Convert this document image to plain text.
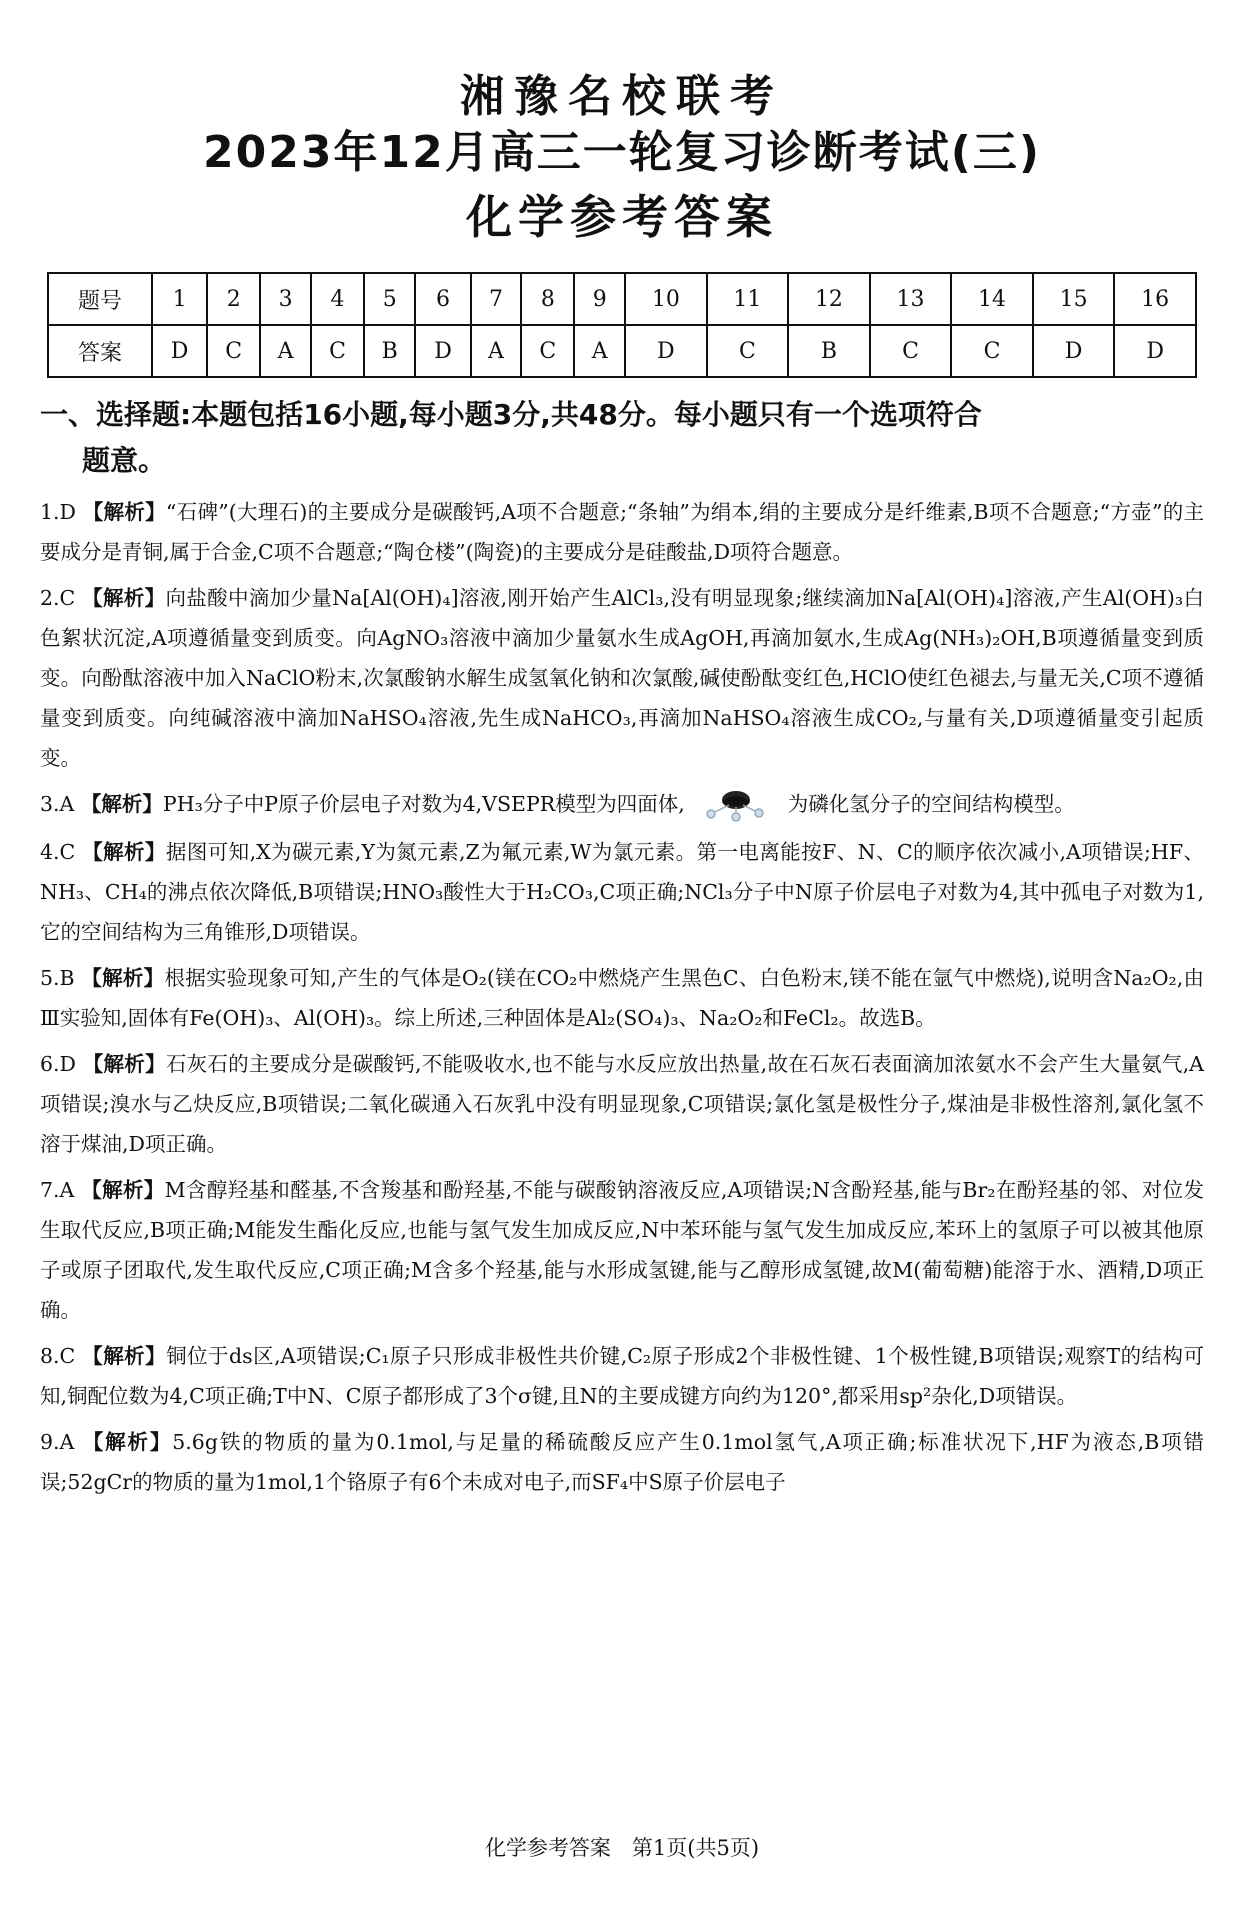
湘豫名校联考
2023年12月高三一轮复习诊断考试(三)
化学参考答案
题号	1	2	3	4	5	6	7	8	9	10	11	12	13	14	15	16
答案	D	C	A	C	B	D	A	C	A	D	C	B	C	C	D	D
一、选择题:本题包括16小题,每小题3分,共48分。每小题只有一个选项符合
题意。
1.D 【解析】“石碑”(大理石)的主要成分是碳酸钙,A项不合题意;“条轴”为绢本,绢的主要成分是纤维素,B项不合题意;“方壶”的主要成分是青铜,属于合金,C项不合题意;“陶仓楼”(陶瓷)的主要成分是硅酸盐,D项符合题意。
2.C 【解析】向盐酸中滴加少量Na[Al(OH)₄]溶液,刚开始产生AlCl₃,没有明显现象;继续滴加Na[Al(OH)₄]溶液,产生Al(OH)₃白色絮状沉淀,A项遵循量变到质变。向AgNO₃溶液中滴加少量氨水生成AgOH,再滴加氨水,生成Ag(NH₃)₂OH,B项遵循量变到质变。向酚酞溶液中加入NaClO粉末,次氯酸钠水解生成氢氧化钠和次氯酸,碱使酚酞变红色,HClO使红色褪去,与量无关,C项不遵循量变到质变。向纯碱溶液中滴加NaHSO₄溶液,先生成NaHCO₃,再滴加NaHSO₄溶液生成CO₂,与量有关,D项遵循量变引起质变。
3.A 【解析】PH₃分子中P原子价层电子对数为4,VSEPR模型为四面体,	为磷化氢分子的空间结构模型。
4.C 【解析】据图可知,X为碳元素,Y为氮元素,Z为氟元素,W为氯元素。第一电离能按F、N、C的顺序依次减小,A项错误;HF、NH₃、CH₄的沸点依次降低,B项错误;HNO₃酸性大于H₂CO₃,C项正确;NCl₃分子中N原子价层电子对数为4,其中孤电子对数为1,它的空间结构为三角锥形,D项错误。
5.B 【解析】根据实验现象可知,产生的气体是O₂(镁在CO₂中燃烧产生黑色C、白色粉末,镁不能在氩气中燃烧),说明含Na₂O₂,由Ⅲ实验知,固体有Fe(OH)₃、Al(OH)₃。综上所述,三种固体是Al₂(SO₄)₃、Na₂O₂和FeCl₂。故选B。
6.D 【解析】石灰石的主要成分是碳酸钙,不能吸收水,也不能与水反应放出热量,故在石灰石表面滴加浓氨水不会产生大量氨气,A项错误;溴水与乙炔反应,B项错误;二氧化碳通入石灰乳中没有明显现象,C项错误;氯化氢是极性分子,煤油是非极性溶剂,氯化氢不溶于煤油,D项正确。
7.A 【解析】M含醇羟基和醛基,不含羧基和酚羟基,不能与碳酸钠溶液反应,A项错误;N含酚羟基,能与Br₂在酚羟基的邻、对位发生取代反应,B项正确;M能发生酯化反应,也能与氢气发生加成反应,N中苯环能与氢气发生加成反应,苯环上的氢原子可以被其他原子或原子团取代,发生取代反应,C项正确;M含多个羟基,能与水形成氢键,能与乙醇形成氢键,故M(葡萄糖)能溶于水、酒精,D项正确。
8.C 【解析】铜位于ds区,A项错误;C₁原子只形成非极性共价键,C₂原子形成2个非极性键、1个极性键,B项错误;观察T的结构可知,铜配位数为4,C项正确;T中N、C原子都形成了3个σ键,且N的主要成键方向约为120°,都采用sp²杂化,D项错误。
9.A 【解析】5.6g铁的物质的量为0.1mol,与足量的稀硫酸反应产生0.1mol氢气,A项正确;标准状况下,HF为液态,B项错误;52gCr的物质的量为1mol,1个铬原子有6个未成对电子,而SF₄中S原子价层电子
化学参考答案　第1页(共5页)
